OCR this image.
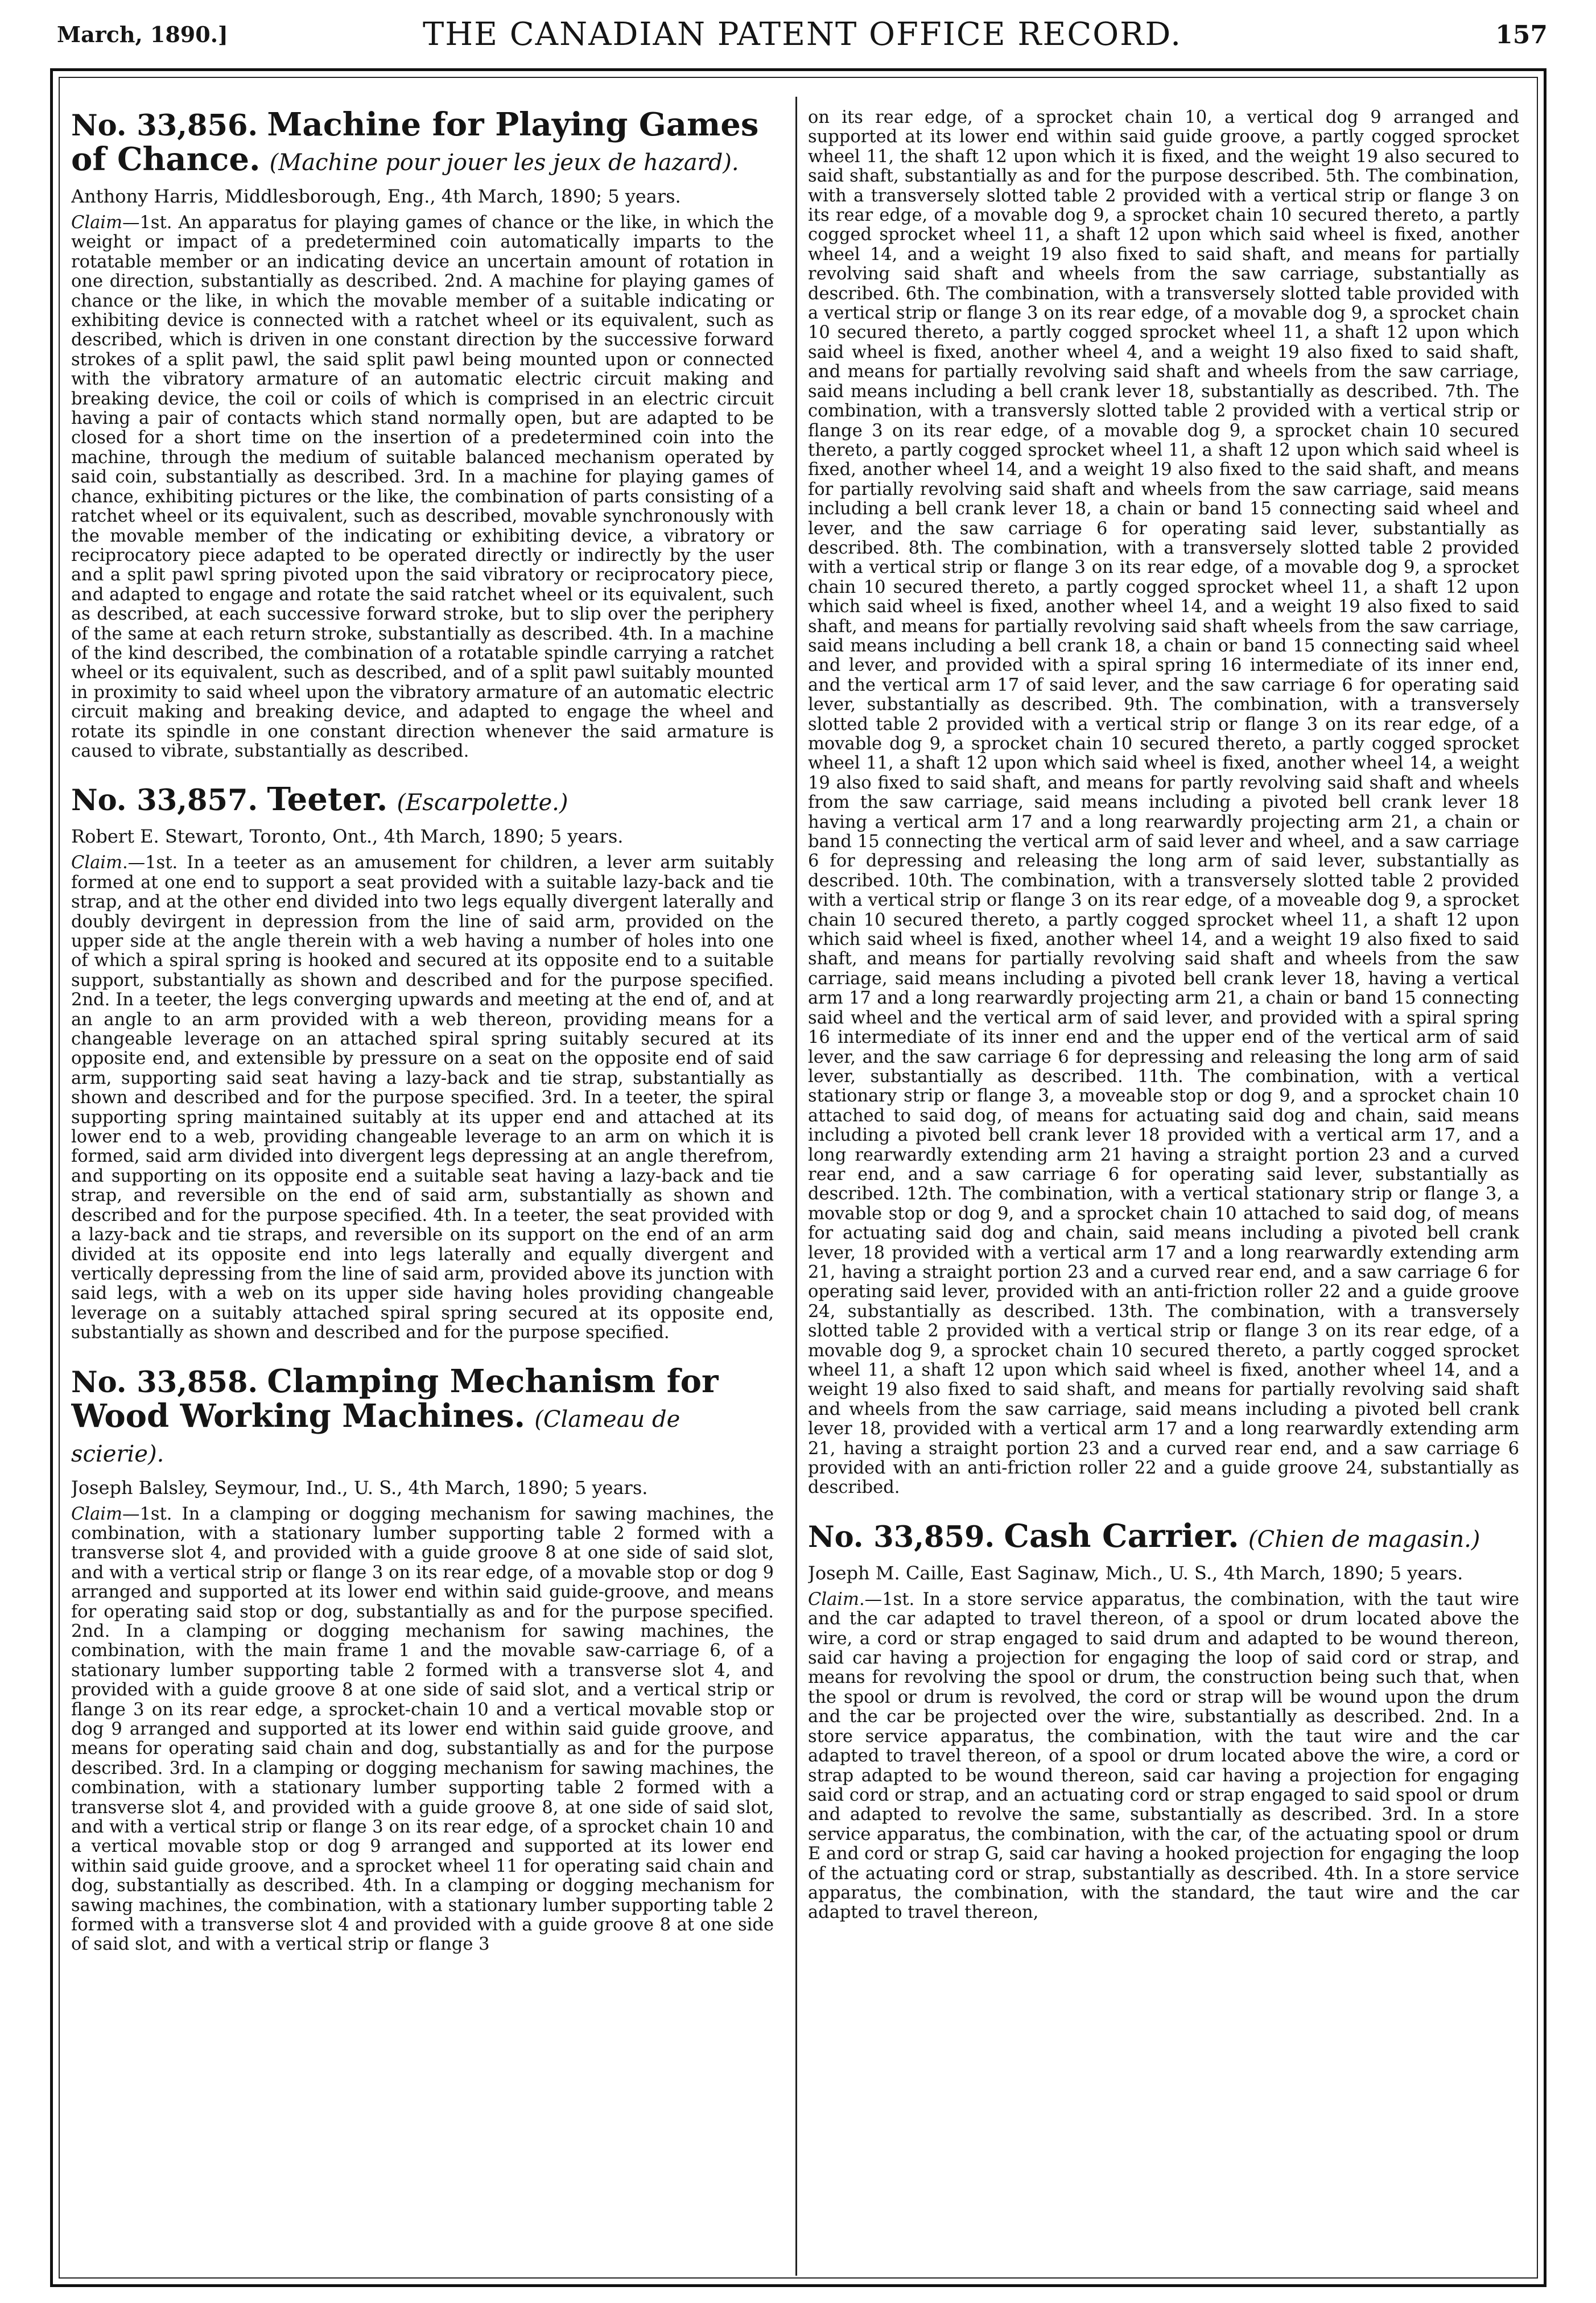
March, 1890.]	THE CANADIAN PATENT OFFICE RECORD.	157
No. 33,856. Machine for Playing Games of Chance. (Machine pour jouer les jeux de hazard).
Anthony Harris, Middlesborough, Eng., 4th March, 1890; 5 years.

Claim—1st. An apparatus for playing games of chance or the like, in which the weight or impact of a predetermined coin automatically imparts to the rotatable member or an indicating device an uncertain amount of rotation in one direction, substantially as described. 2nd. A machine for playing games of chance or the like, in which the movable member of a suitable indicating or exhibiting device is connected with a ratchet wheel or its equivalent, such as described, which is driven in one constant direction by the successive forward strokes of a split pawl, the said split pawl being mounted upon or connected with the vibratory armature of an automatic electric circuit making and breaking device, the coil or coils of which is comprised in an electric circuit having a pair of contacts which stand normally open, but are adapted to be closed for a short time on the insertion of a predetermined coin into the machine, through the medium of suitable balanced mechanism operated by said coin, substantially as described. 3rd. In a machine for playing games of chance, exhibiting pictures or the like, the combination of parts consisting of a ratchet wheel or its equivalent, such as described, movable synchronously with the movable member of the indicating or exhibiting device, a vibratory or reciprocatory piece adapted to be operated directly or indirectly by the user and a split pawl spring pivoted upon the said vibratory or reciprocatory piece, and adapted to engage and rotate the said ratchet wheel or its equivalent, such as described, at each successive forward stroke, but to slip over the periphery of the same at each return stroke, substantially as described. 4th. In a machine of the kind described, the combination of a rotatable spindle carrying a ratchet wheel or its equivalent, such as described, and of a split pawl suitably mounted in proximity to said wheel upon the vibratory armature of an automatic electric circuit making and breaking device, and adapted to engage the wheel and rotate its spindle in one constant direction whenever the said armature is caused to vibrate, substantially as described.

No. 33,857. Teeter. (Escarpolette.)
Robert E. Stewart, Toronto, Ont., 4th March, 1890; 5 years.

Claim.—1st. In a teeter as an amusement for children, a lever arm suitably formed at one end to support a seat provided with a suitable lazy-back and tie strap, and at the other end divided into two legs equally divergent laterally and doubly devirgent in depression from the line of said arm, provided on the upper side at the angle therein with a web having a number of holes into one of which a spiral spring is hooked and secured at its opposite end to a suitable support, substantially as shown and described and for the purpose specified. 2nd. In a teeter, the legs converging upwards and meeting at the end of, and at an angle to an arm provided with a web thereon, providing means for a changeable leverage on an attached spiral spring suitably secured at its opposite end, and extensible by pressure on a seat on the opposite end of said arm, supporting said seat having a lazy-back and tie strap, substantially as shown and described and for the purpose specified. 3rd. In a teeter, the spiral supporting spring maintained suitably at its upper end and attached at its lower end to a web, providing changeable leverage to an arm on which it is formed, said arm divided into divergent legs depressing at an angle therefrom, and supporting on its opposite end a suitable seat having a lazy-back and tie strap, and reversible on the end of said arm, substantially as shown and described and for the purpose specified. 4th. In a teeter, the seat provided with a lazy-back and tie straps, and reversible on its support on the end of an arm divided at its opposite end into legs laterally and equally divergent and vertically depressing from the line of said arm, provided above its junction with said legs, with a web on its upper side having holes providing changeable leverage on a suitably attached spiral spring secured at its opposite end, substantially as shown and described and for the purpose specified.

No. 33,858. Clamping Mechanism for Wood Working Machines. (Clameau de scierie).
Joseph Balsley, Seymour, Ind., U. S., 4th March, 1890; 5 years.

Claim—1st. In a clamping or dogging mechanism for sawing machines, the combination, with a stationary lumber supporting table 2 formed with a transverse slot 4, and provided with a guide groove 8 at one side of said slot, and with a vertical strip or flange 3 on its rear edge, of a movable stop or dog 9 arranged and supported at its lower end within said guide-groove, and means for operating said stop or dog, substantially as and for the purpose specified. 2nd. In a clamping or dogging mechanism for sawing machines, the combination, with the main frame 1 and the movable saw-carriage 6, of a stationary lumber supporting table 2 formed with a transverse slot 4, and provided with a guide groove 8 at one side of said slot, and a vertical strip or flange 3 on its rear edge, a sprocket-chain 10 and a vertical movable stop or dog 9 arranged and supported at its lower end within said guide groove, and means for operating said chain and dog, substantially as and for the purpose described. 3rd. In a clamping or dogging mechanism for sawing machines, the combination, with a stationary lumber supporting table 2 formed with a transverse slot 4, and provided with a guide groove 8, at one side of said slot, and with a vertical strip or flange 3 on its rear edge, of a sprocket chain 10 and a vertical movable stop or dog 9 arranged and supported at its lower end within said guide groove, and a sprocket wheel 11 for operating said chain and dog, substantially as described. 4th. In a clamping or dogging mechanism for sawing machines, the combination, with a stationary lumber supporting table 2 formed with a transverse slot 4 and provided with a guide groove 8 at one side of said slot, and with a vertical strip or flange 3

on its rear edge, of a sprocket chain 10, a vertical dog 9 arranged and supported at its lower end within said guide groove, a partly cogged sprocket wheel 11, the shaft 12 upon which it is fixed, and the weight 19 also secured to said shaft, substantially as and for the purpose described. 5th. The combination, with a transversely slotted table 2 provided with a vertical strip or flange 3 on its rear edge, of a movable dog 9, a sprocket chain 10 secured thereto, a partly cogged sprocket wheel 11, a shaft 12 upon which said wheel is fixed, another wheel 14, and a weight 19 also fixed to said shaft, and means for partially revolving said shaft and wheels from the saw carriage, substantially as described. 6th. The combination, with a transversely slotted table provided with a vertical strip or flange 3 on its rear edge, of a movable dog 9, a sprocket chain 10 secured thereto, a partly cogged sprocket wheel 11, a shaft 12 upon which said wheel is fixed, another wheel 4, and a weight 19 also fixed to said shaft, and means for partially revolving said shaft and wheels from the saw carriage, said means including a bell crank lever 18, substantially as described. 7th. The combination, with a transversly slotted table 2 provided with a vertical strip or flange 3 on its rear edge, of a movable dog 9, a sprocket chain 10 secured thereto, a partly cogged sprocket wheel 11, a shaft 12 upon which said wheel is fixed, another wheel 14, and a weight 19 also fixed to the said shaft, and means for partially revolving said shaft and wheels from the saw carriage, said means including a bell crank lever 18, a chain or band 15 connecting said wheel and lever, and the saw carriage 6 for operating said lever, substantially as described. 8th. The combination, with a transversely slotted table 2 provided with a vertical strip or flange 3 on its rear edge, of a movable dog 9, a sprocket chain 10 secured thereto, a partly cogged sprocket wheel 11, a shaft 12 upon which said wheel is fixed, another wheel 14, and a weight 19 also fixed to said shaft, and means for partially revolving said shaft wheels from the saw carriage, said means including a bell crank 18, a chain or band 15 connecting said wheel and lever, and provided with a spiral spring 16 intermediate of its inner end, and the vertical arm 17 of said lever, and the saw carriage 6 for operating said lever, substantially as described. 9th. The combination, with a transversely slotted table 2 provided with a vertical strip or flange 3 on its rear edge, of a movable dog 9, a sprocket chain 10 secured thereto, a partly cogged sprocket wheel 11, a shaft 12 upon which said wheel is fixed, another wheel 14, a weight 19 also fixed to said shaft, and means for partly revolving said shaft and wheels from the saw carriage, said means including a pivoted bell crank lever 18 having a vertical arm 17 and a long rearwardly projecting arm 21, a chain or band 15 connecting the vertical arm of said lever and wheel, and a saw carriage 6 for depressing and releasing the long arm of said lever, substantially as described. 10th. The combination, with a transversely slotted table 2 provided with a vertical strip or flange 3 on its rear edge, of a moveable dog 9, a sprocket chain 10 secured thereto, a partly cogged sprocket wheel 11, a shaft 12 upon which said wheel is fixed, another wheel 14, and a weight 19 also fixed to said shaft, and means for partially revolving said shaft and wheels from the saw carriage, said means including a pivoted bell crank lever 18, having a vertical arm 17 and a long rearwardly projecting arm 21, a chain or band 15 connecting said wheel and the vertical arm of said lever, and provided with a spiral spring 16 intermediate of its inner end and the upper end of the vertical arm of said lever, and the saw carriage 6 for depressing and releasing the long arm of said lever, substantially as described. 11th. The combination, with a vertical stationary strip or flange 3, a moveable stop or dog 9, and a sprocket chain 10 attached to said dog, of means for actuating said dog and chain, said means including a pivoted bell crank lever 18 provided with a vertical arm 17, and a long rearwardly extending arm 21 having a straight portion 23 and a curved rear end, and a saw carriage 6 for operating said lever, substantially as described. 12th. The combination, with a vertical stationary strip or flange 3, a movable stop or dog 9, and a sprocket chain 10 attached to said dog, of means for actuating said dog and chain, said means including a pivoted bell crank lever, 18 provided with a vertical arm 17 and a long rearwardly extending arm 21, having a straight portion 23 and a curved rear end, and a saw carriage 6 for operating said lever, provided with an anti-friction roller 22 and a guide groove 24, substantially as described. 13th. The combination, with a transversely slotted table 2 provided with a vertical strip or flange 3 on its rear edge, of a movable dog 9, a sprocket chain 10 secured thereto, a partly cogged sprocket wheel 11, a shaft 12 upon which said wheel is fixed, another wheel 14, and a weight 19 also fixed to said shaft, and means for partially revolving said shaft and wheels from the saw carriage, said means including a pivoted bell crank lever 18, provided with a vertical arm 17 and a long rearwardly extending arm 21, having a straight portion 23 and a curved rear end, and a saw carriage 6 provided with an anti-friction roller 22 and a guide groove 24, substantially as described.

No. 33,859. Cash Carrier. (Chien de magasin.)
Joseph M. Caille, East Saginaw, Mich., U. S., 4th March, 1890; 5 years.

Claim.—1st. In a store service apparatus, the combination, with the taut wire and the car adapted to travel thereon, of a spool or drum located above the wire, a cord or strap engaged to said drum and adapted to be wound thereon, said car having a projection for engaging the loop of said cord or strap, and means for revolving the spool or drum, the construction being such that, when the spool or drum is revolved, the cord or strap will be wound upon the drum and the car be projected over the wire, substantially as described. 2nd. In a store service apparatus, the combination, with the taut wire and the car adapted to travel thereon, of a spool or drum located above the wire, a cord or strap adapted to be wound thereon, said car having a projection for engaging said cord or strap, and an actuating cord or strap engaged to said spool or drum and adapted to revolve the same, substantially as described. 3rd. In a store service apparatus, the combination, with the car, of the actuating spool or drum E and cord or strap G, said car having a hooked projection for engaging the loop of the actuating cord or strap, substantially as described. 4th. In a store service apparatus, the combination, with the standard, the taut wire and the car adapted to travel thereon,
